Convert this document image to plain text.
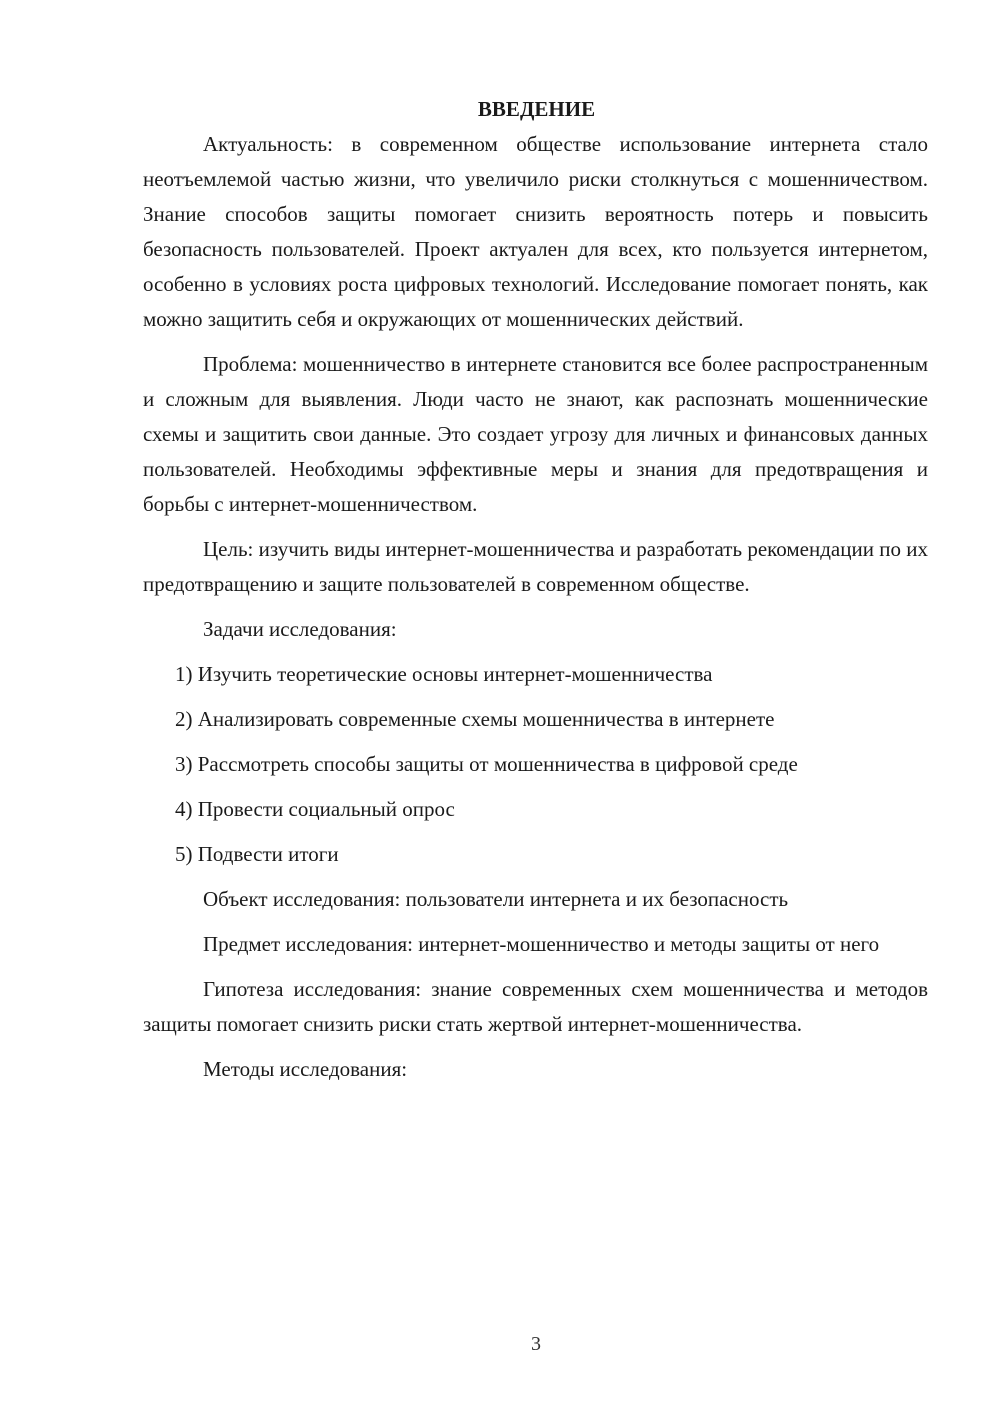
ВВЕДЕНИЕ

Актуальность: в современном обществе использование интернета стало неотъемлемой частью жизни, что увеличило риски столкнуться с мошенничеством. Знание способов защиты помогает снизить вероятность потерь и повысить безопасность пользователей. Проект актуален для всех, кто пользуется интернетом, особенно в условиях роста цифровых технологий. Исследование помогает понять, как можно защитить себя и окружающих от мошеннических действий.

Проблема: мошенничество в интернете становится все более распространенным и сложным для выявления. Люди часто не знают, как распознать мошеннические схемы и защитить свои данные. Это создает угрозу для личных и финансовых данных пользователей. Необходимы эффективные меры и знания для предотвращения и борьбы с интернет-мошенничеством.

Цель: изучить виды интернет-мошенничества и разработать рекомендации по их предотвращению и защите пользователей в современном обществе.

Задачи исследования:

1) Изучить теоретические основы интернет-мошенничества
2) Анализировать современные схемы мошенничества в интернете
3) Рассмотреть способы защиты от мошенничества в цифровой среде
4) Провести социальный опрос
5) Подвести итоги

Объект исследования: пользователи интернета и их безопасность

Предмет исследования: интернет-мошенничество и методы защиты от него

Гипотеза исследования: знание современных схем мошенничества и методов защиты помогает снизить риски стать жертвой интернет-мошенничества.

Методы исследования:

3
